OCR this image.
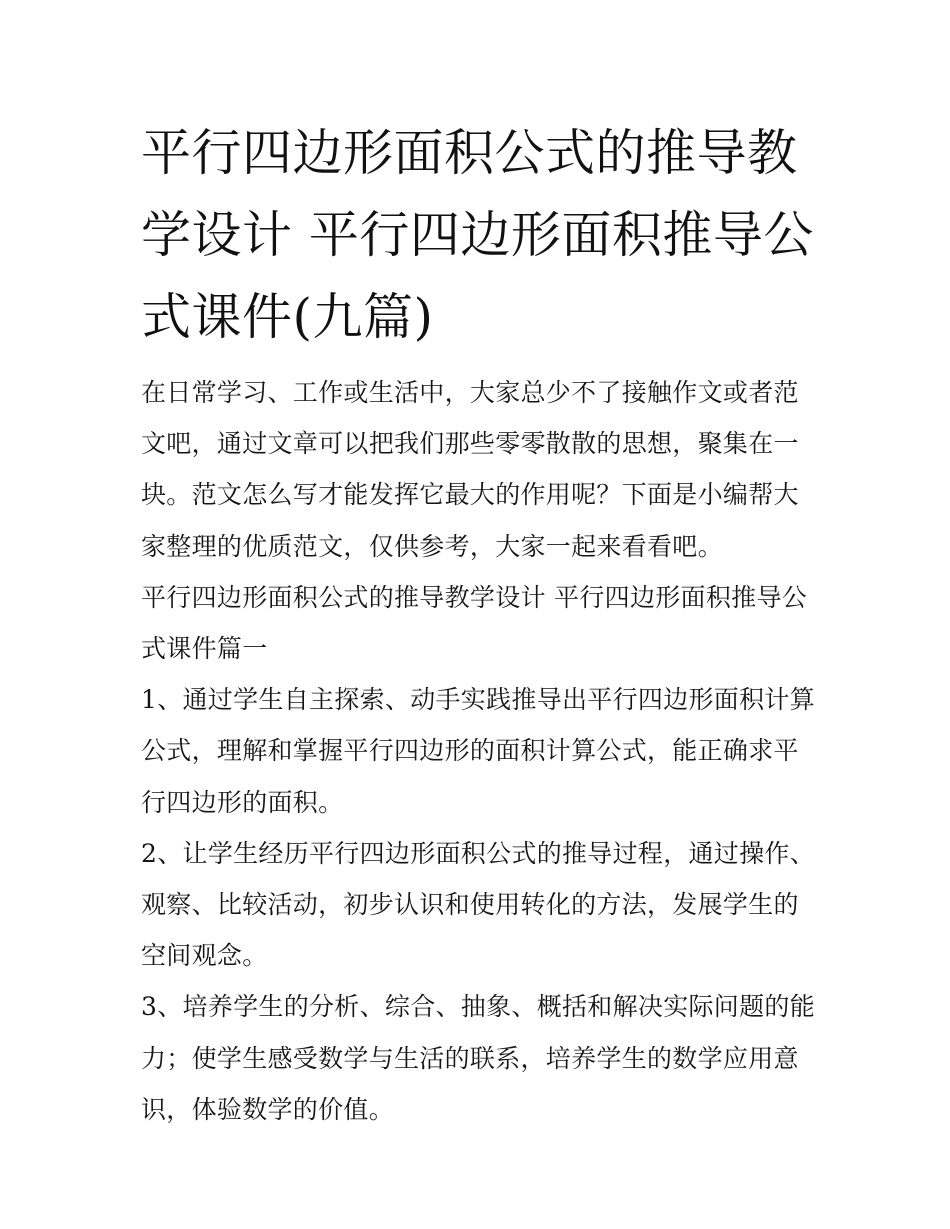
平行四边形面积公式的推导教学设计 平行四边形面积推导公式课件(九篇)

在日常学习、工作或生活中，大家总少不了接触作文或者范文吧，通过文章可以把我们那些零零散散的思想，聚集在一块。范文怎么写才能发挥它最大的作用呢？下面是小编帮大家整理的优质范文，仅供参考，大家一起来看看吧。

平行四边形面积公式的推导教学设计 平行四边形面积推导公式课件篇一

1、通过学生自主探索、动手实践推导出平行四边形面积计算公式，理解和掌握平行四边形的面积计算公式，能正确求平行四边形的面积。

2、让学生经历平行四边形面积公式的推导过程，通过操作、观察、比较活动，初步认识和使用转化的方法，发展学生的空间观念。

3、培养学生的分析、综合、抽象、概括和解决实际问题的能力；使学生感受数学与生活的联系，培养学生的数学应用意识，体验数学的价值。
